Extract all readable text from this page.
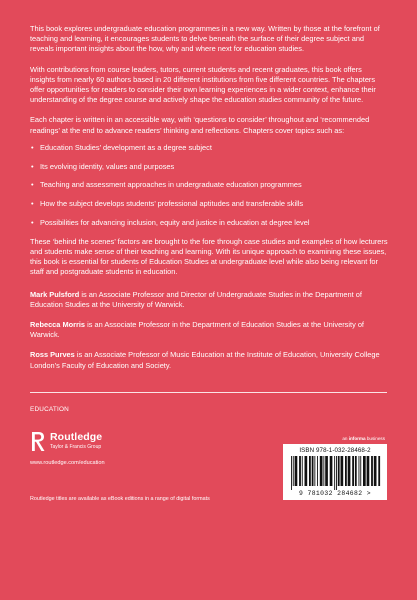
This book explores undergraduate education programmes in a new way. Written by those at the forefront of teaching and learning, it encourages students to delve beneath the surface of their degree subject and reveals important insights about the how, why and where next for education studies.

With contributions from course leaders, tutors, current students and recent graduates, this book offers insights from nearly 60 authors based in 20 different institutions from five different countries. The chapters offer opportunities for readers to consider their own learning experiences in a wider context, enhance their understanding of the degree course and actively shape the education studies community of the future.

Each chapter is written in an accessible way, with ‘questions to consider’ throughout and ‘recommended readings’ at the end to advance readers’ thinking and reflections. Chapters cover topics such as:

• Education Studies’ development as a degree subject
• Its evolving identity, values and purposes
• Teaching and assessment approaches in undergraduate education programmes
• How the subject develops students’ professional aptitudes and transferable skills
• Possibilities for advancing inclusion, equity and justice in education at degree level

These ‘behind the scenes’ factors are brought to the fore through case studies and examples of how lecturers and students make sense of their teaching and learning. With its unique approach to examining these issues, this book is essential for students of Education Studies at undergraduate level while also being relevant for staff and postgraduate students in education.

Mark Pulsford is an Associate Professor and Director of Undergraduate Studies in the Department of Education Studies at the University of Warwick.

Rebecca Morris is an Associate Professor in the Department of Education Studies at the University of Warwick.

Ross Purves is an Associate Professor of Music Education at the Institute of Education, University College London’s Faculty of Education and Society.

EDUCATION
Routledge
Taylor & Francis Group
www.routledge.com/education
Routledge titles are available as eBook editions in a range of digital formats
an informa business
ISBN 978-1-032-28468-2
9 781032 284682 >
